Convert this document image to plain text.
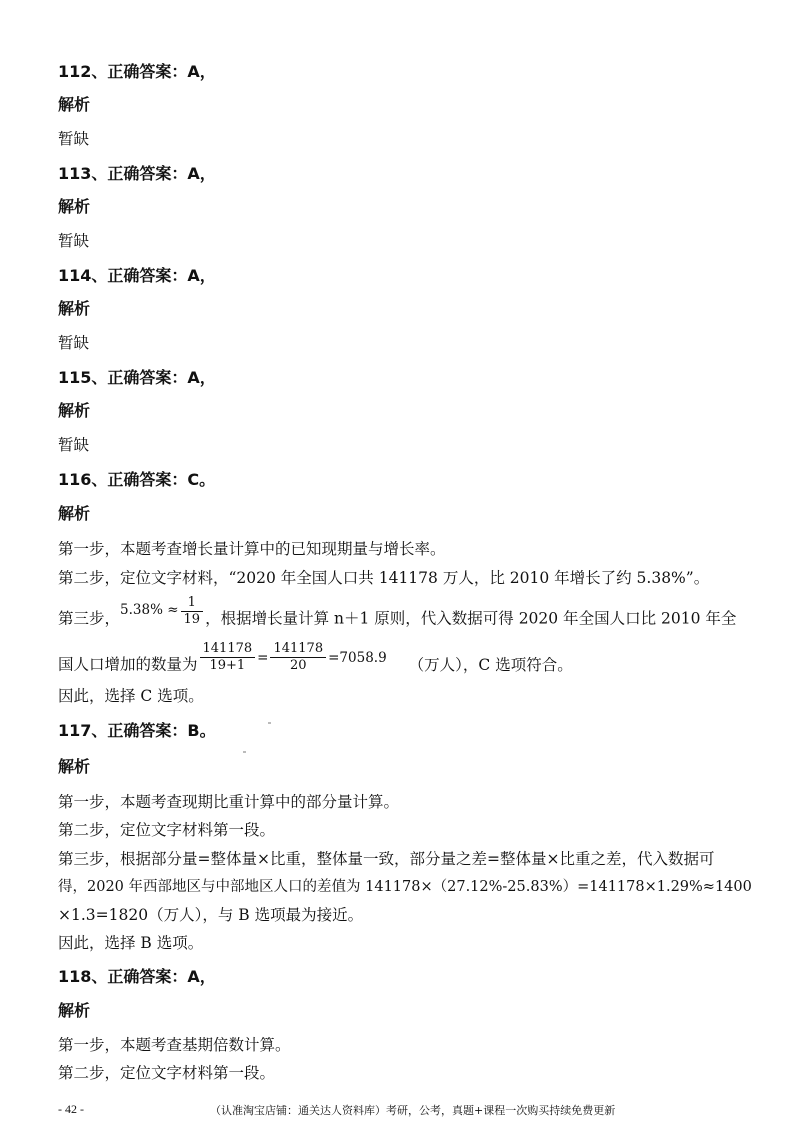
112、正确答案：A，
解析
暂缺
113、正确答案：A，
解析
暂缺
114、正确答案：A，
解析
暂缺
115、正确答案：A，
解析
暂缺
116、正确答案：C。
解析
第一步，本题考查增长量计算中的已知现期量与增长率。
第二步，定位文字材料，“2020 年全国人口共 141178 万人，比 2010 年增长了约 5.38%”。
第三步，$5.38\% \approx \frac{1}{19}$ ，根据增长量计算 n＋1 原则，代入数据可得 2020 年全国人口比 2010 年全
国人口增加的数量为 $\frac{141178}{19+1} = \frac{141178}{20} =7058.9$ （万人），C 选项符合。
因此，选择 C 选项。
117、正确答案：B。
解析
第一步，本题考查现期比重计算中的部分量计算。
第二步，定位文字材料第一段。
第三步，根据部分量=整体量×比重，整体量一致，部分量之差=整体量×比重之差，代入数据可
得，2020 年西部地区与中部地区人口的差值为 141178×（27.12%-25.83%）=141178×1.29%≈1400
×1.3=1820（万人），与 B 选项最为接近。
因此，选择 B 选项。
118、正确答案：A，
解析
第一步，本题考查基期倍数计算。
第二步，定位文字材料第一段。
- 42 -	（认准淘宝店铺：通关达人资料库）考研，公考，真题+课程一次购买持续免费更新
